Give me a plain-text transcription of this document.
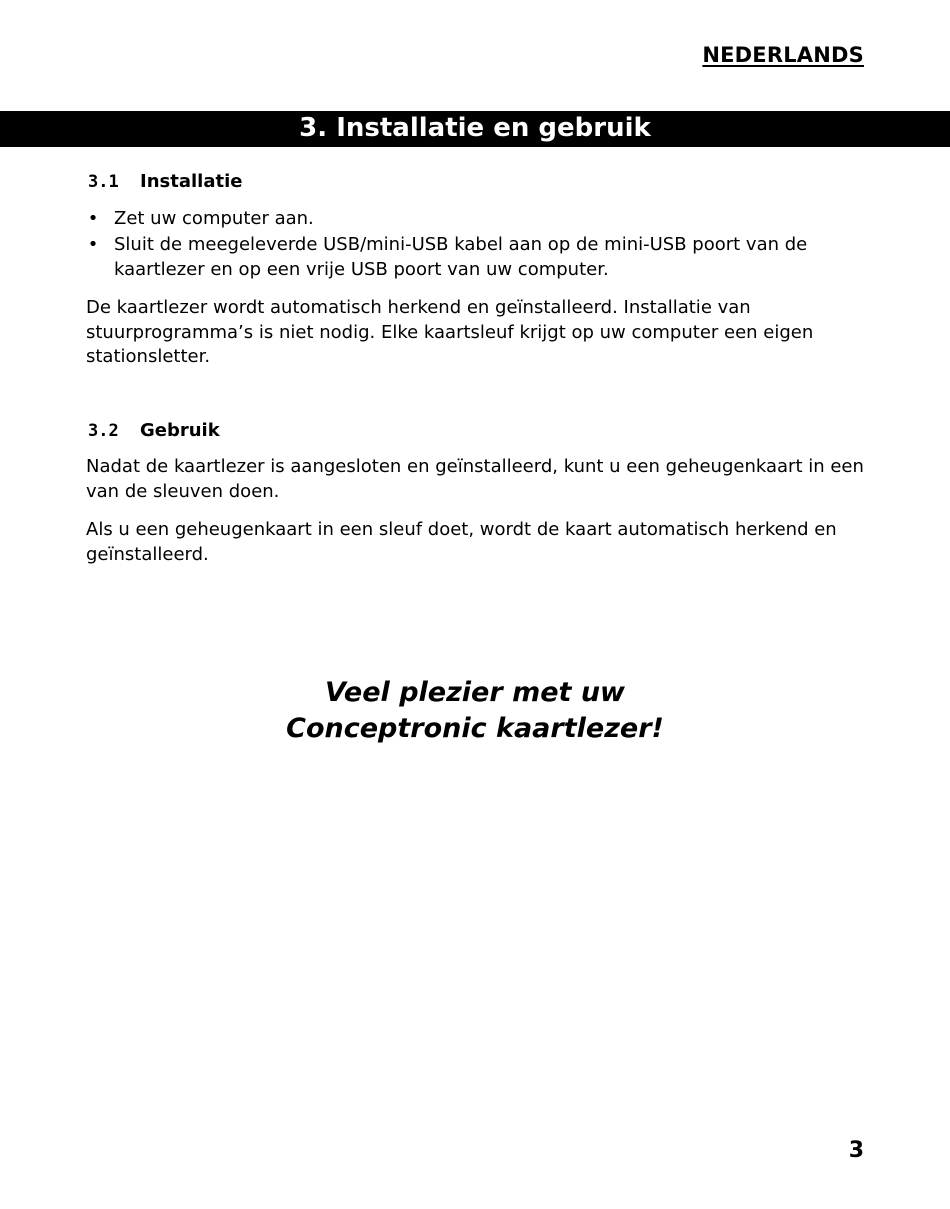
NEDERLANDS
3. Installatie en gebruik
3.1 Installatie
• Zet uw computer aan.
• Sluit de meegeleverde USB/mini-USB kabel aan op de mini-USB poort van de kaartlezer en op een vrije USB poort van uw computer.

De kaartlezer wordt automatisch herkend en geïnstalleerd. Installatie van stuurprogramma’s is niet nodig. Elke kaartsleuf krijgt op uw computer een eigen stationsletter.

3.2 Gebruik

Nadat de kaartlezer is aangesloten en geïnstalleerd, kunt u een geheugenkaart in een van de sleuven doen.

Als u een geheugenkaart in een sleuf doet, wordt de kaart automatisch herkend en geïnstalleerd.

Veel plezier met uw
Conceptronic kaartlezer!
3
